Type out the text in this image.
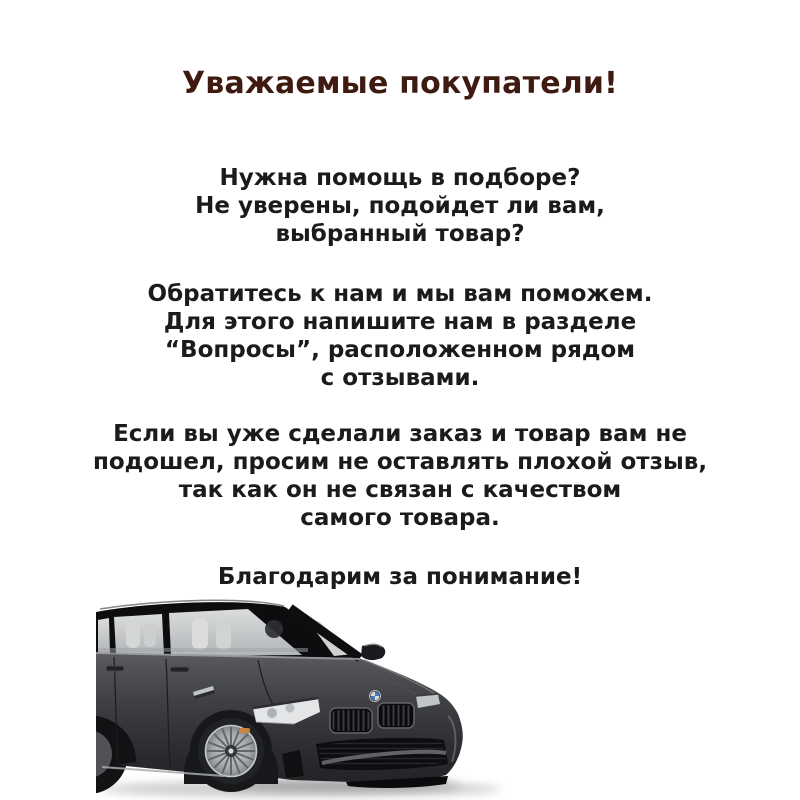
Уважаемые покупатели!
Нужна помощь в подборе?
Не уверены, подойдет ли вам,
выбранный товар?
Обратитесь к нам и мы вам поможем.
Для этого напишите нам в разделе
“Вопросы”, расположенном рядом
с отзывами.
Если вы уже сделали заказ и товар вам не
подошел, просим не оставлять плохой отзыв,
так как он не связан с качеством
самого товара.
Благодарим за понимание!
